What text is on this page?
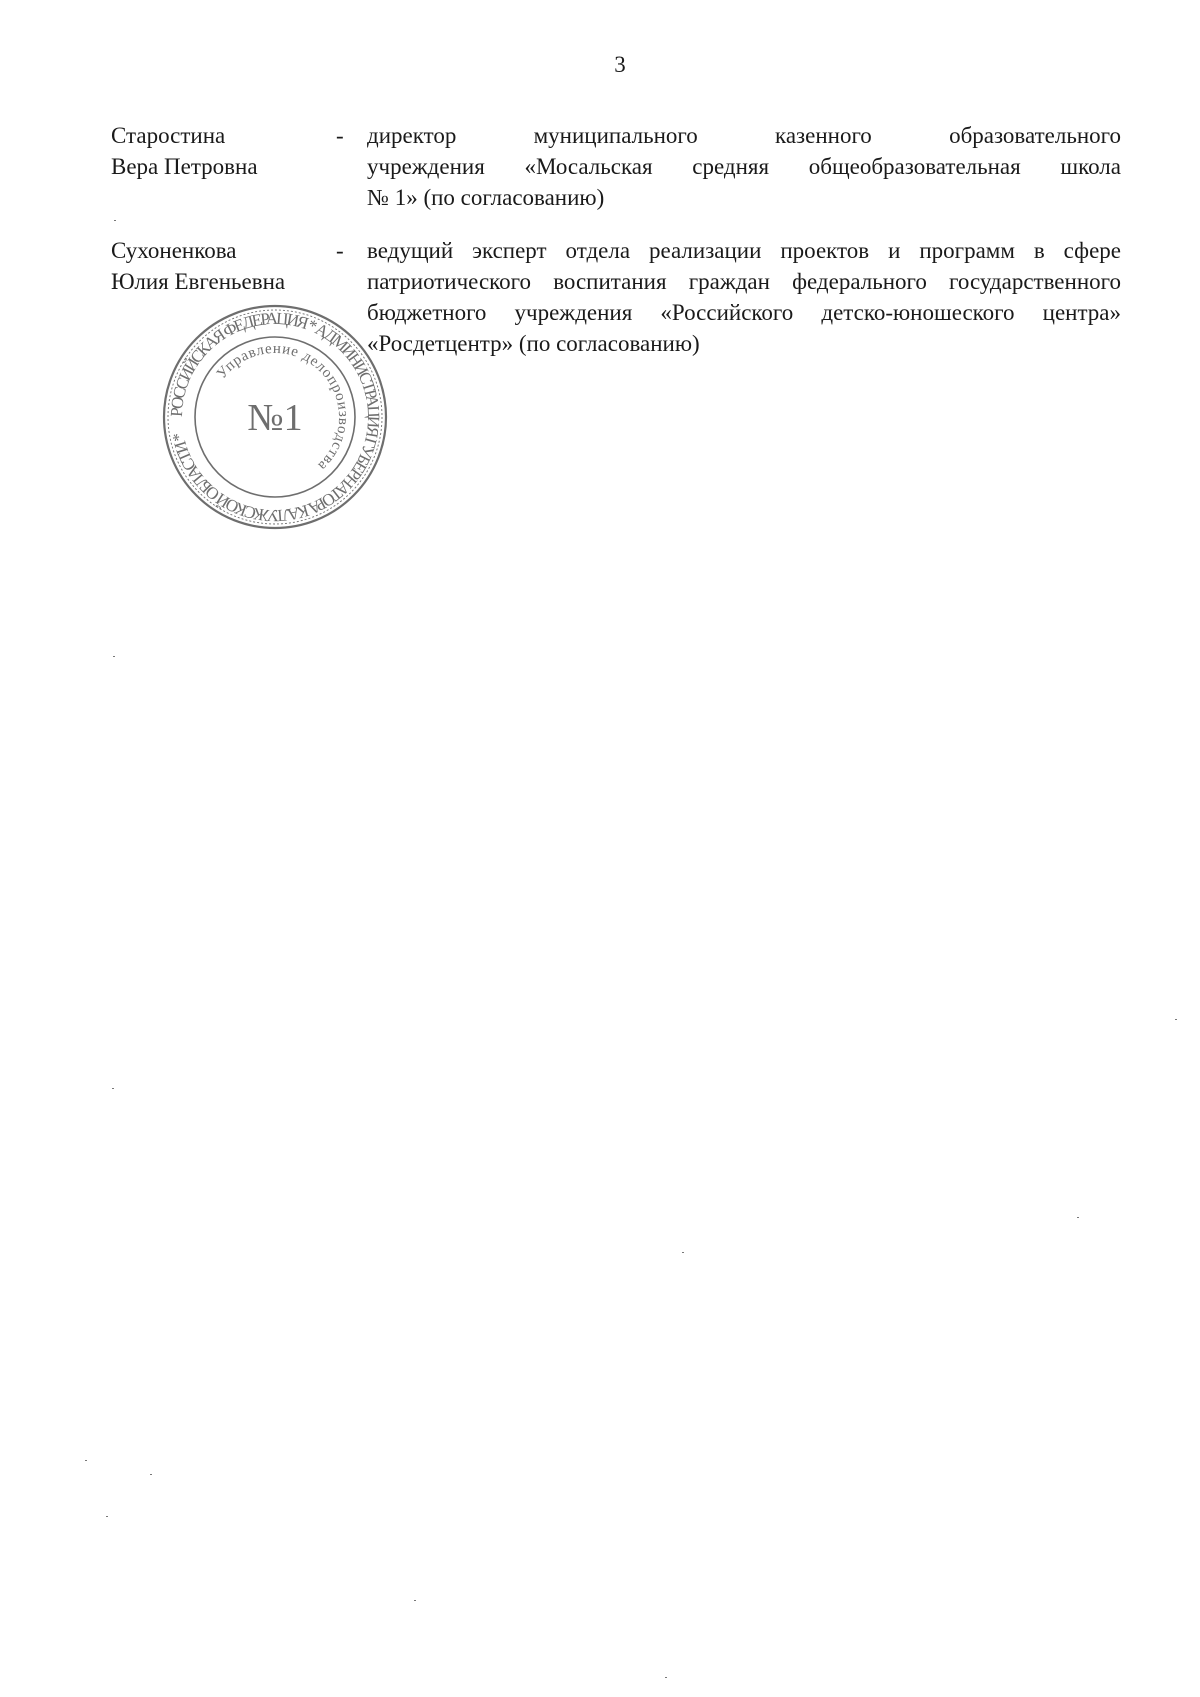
3
Старостина
Вера Петровна
- директор муниципального казенного образовательного
учреждения «Мосальская средняя общеобразовательная школа
№ 1» (по согласованию)
Сухоненкова
Юлия Евгеньевна
- ведущий эксперт отдела реализации проектов и программ в сфере
патриотического воспитания граждан федерального государственного
бюджетного учреждения «Российского детско-юношеского центра»
«Росдетцентр» (по согласованию)
РОССИЙСКАЯ ФЕДЕРАЦИЯ * АДМИНИСТРАЦИЯ ГУБЕРНАТОРА КАЛУЖСКОЙ ОБЛАСТИ *
Управление делопроизводства
№1
